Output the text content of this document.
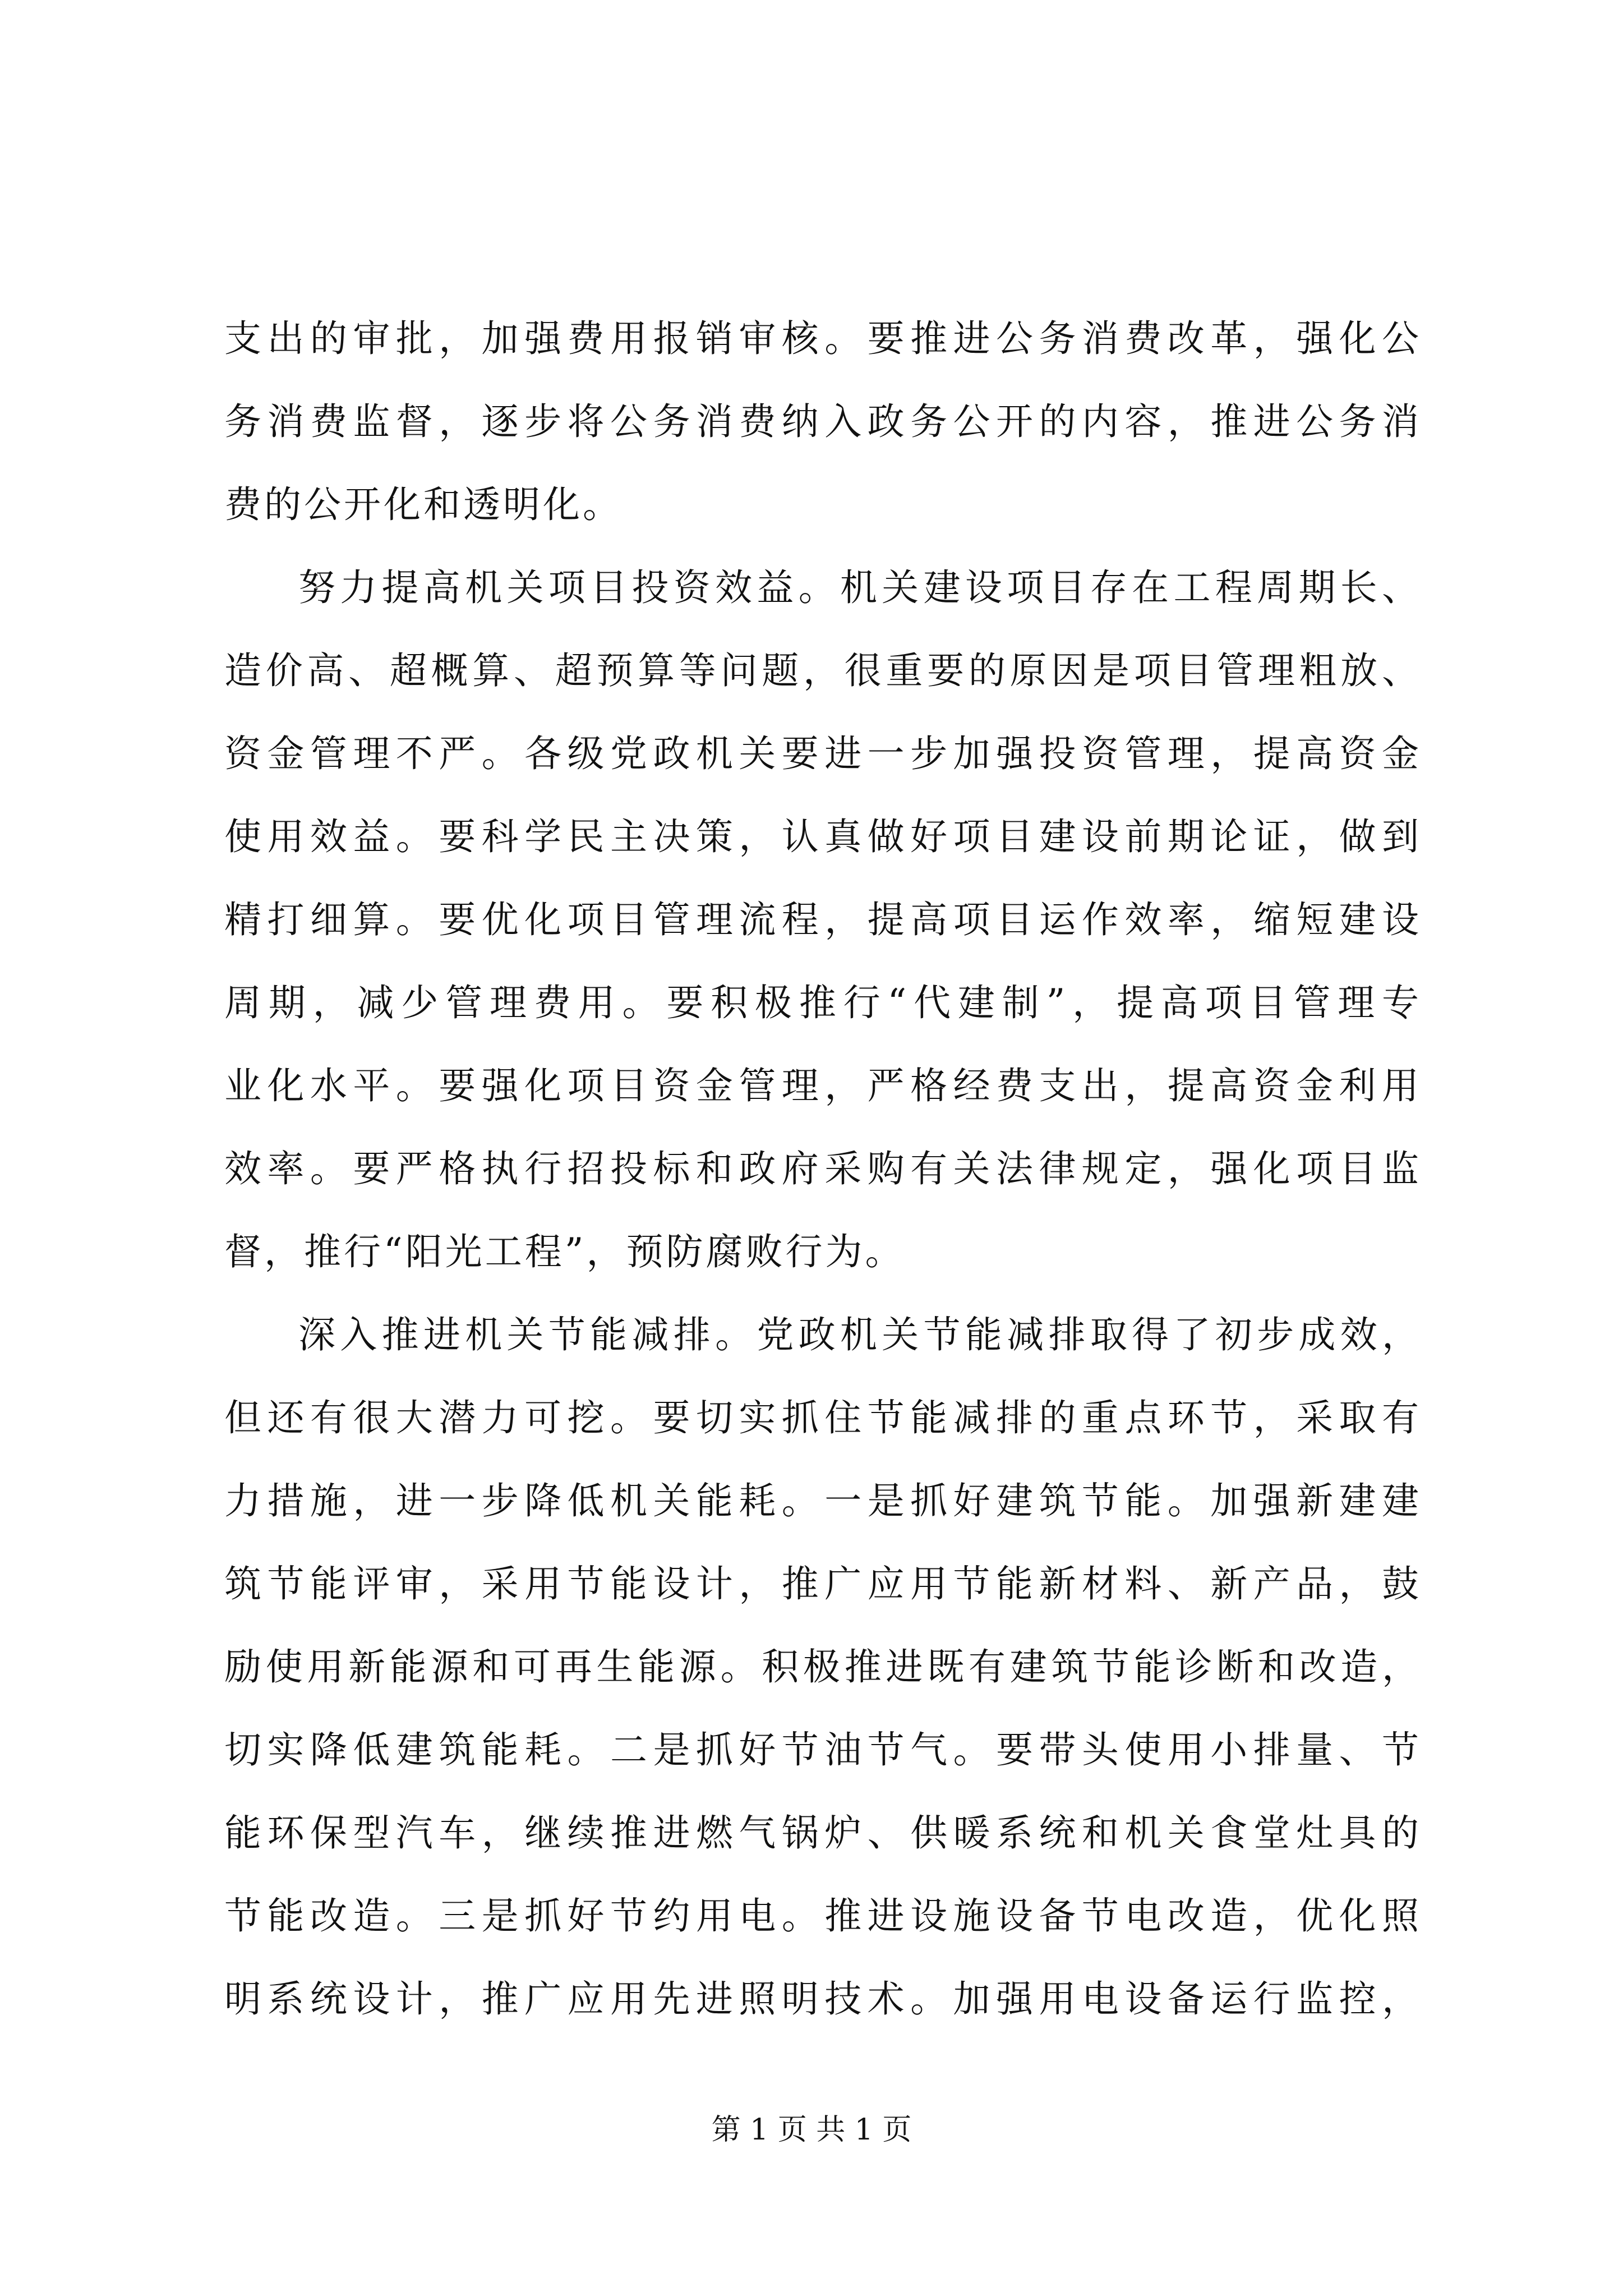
支出的审批，加强费用报销审核。要推进公务消费改革，强化公
务消费监督，逐步将公务消费纳入政务公开的内容，推进公务消
费的公开化和透明化。
努力提高机关项目投资效益。机关建设项目存在工程周期长、
造价高、超概算、超预算等问题，很重要的原因是项目管理粗放、
资金管理不严。各级党政机关要进一步加强投资管理，提高资金
使用效益。要科学民主决策，认真做好项目建设前期论证，做到
精打细算。要优化项目管理流程，提高项目运作效率，缩短建设
周期，减少管理费用。要积极推行“代建制”，提高项目管理专
业化水平。要强化项目资金管理，严格经费支出，提高资金利用
效率。要严格执行招投标和政府采购有关法律规定，强化项目监
督，推行“阳光工程”，预防腐败行为。
深入推进机关节能减排。党政机关节能减排取得了初步成效，
但还有很大潜力可挖。要切实抓住节能减排的重点环节，采取有
力措施，进一步降低机关能耗。一是抓好建筑节能。加强新建建
筑节能评审，采用节能设计，推广应用节能新材料、新产品，鼓
励使用新能源和可再生能源。积极推进既有建筑节能诊断和改造，
切实降低建筑能耗。二是抓好节油节气。要带头使用小排量、节
能环保型汽车，继续推进燃气锅炉、供暖系统和机关食堂灶具的
节能改造。三是抓好节约用电。推进设施设备节电改造，优化照
明系统设计，推广应用先进照明技术。加强用电设备运行监控，
第 1 页 共 1 页
